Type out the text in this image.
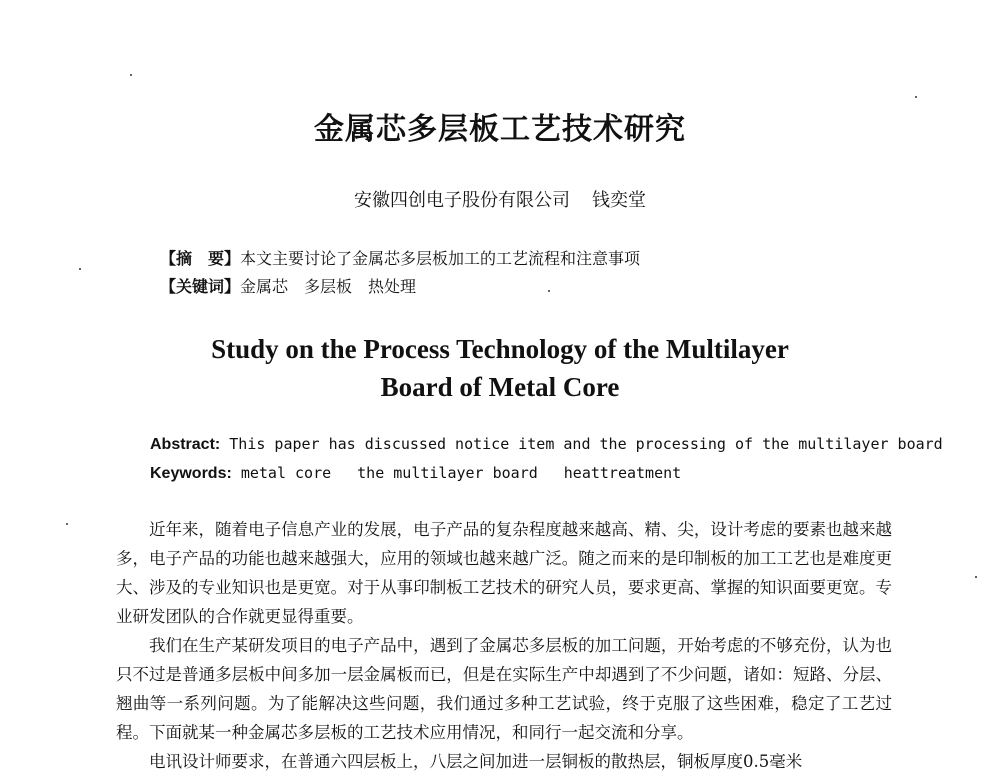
金属芯多层板工艺技术研究
安徽四创电子股份有限公司 钱奕堂
【摘　要】本文主要讨论了金属芯多层板加工的工艺流程和注意事项
【关键词】金属芯 多层板 热处理
Study on the Process Technology of the Multilayer
Board of Metal Core
Abstract: This paper has discussed notice item and the processing of the multilayer board
Keywords: metal core the multilayer board heattreatment

近年来，随着电子信息产业的发展，电子产品的复杂程度越来越高、精、尖，设计考虑的要素也越来越多，电子产品的功能也越来越强大，应用的领域也越来越广泛。随之而来的是印制板的加工工艺也是难度更大、涉及的专业知识也是更宽。对于从事印制板工艺技术的研究人员，要求更高、掌握的知识面要更宽。专业研发团队的合作就更显得重要。

我们在生产某研发项目的电子产品中，遇到了金属芯多层板的加工问题，开始考虑的不够充份，认为也只不过是普通多层板中间多加一层金属板而已，但是在实际生产中却遇到了不少问题，诸如：短路、分层、翘曲等一系列问题。为了能解决这些问题，我们通过多种工艺试验，终于克服了这些困难，稳定了工艺过程。下面就某一种金属芯多层板的工艺技术应用情况，和同行一起交流和分享。

电讯设计师要求，在普通六四层板上，八层之间加进一层铜板的散热层，铜板厚度0.5毫米
